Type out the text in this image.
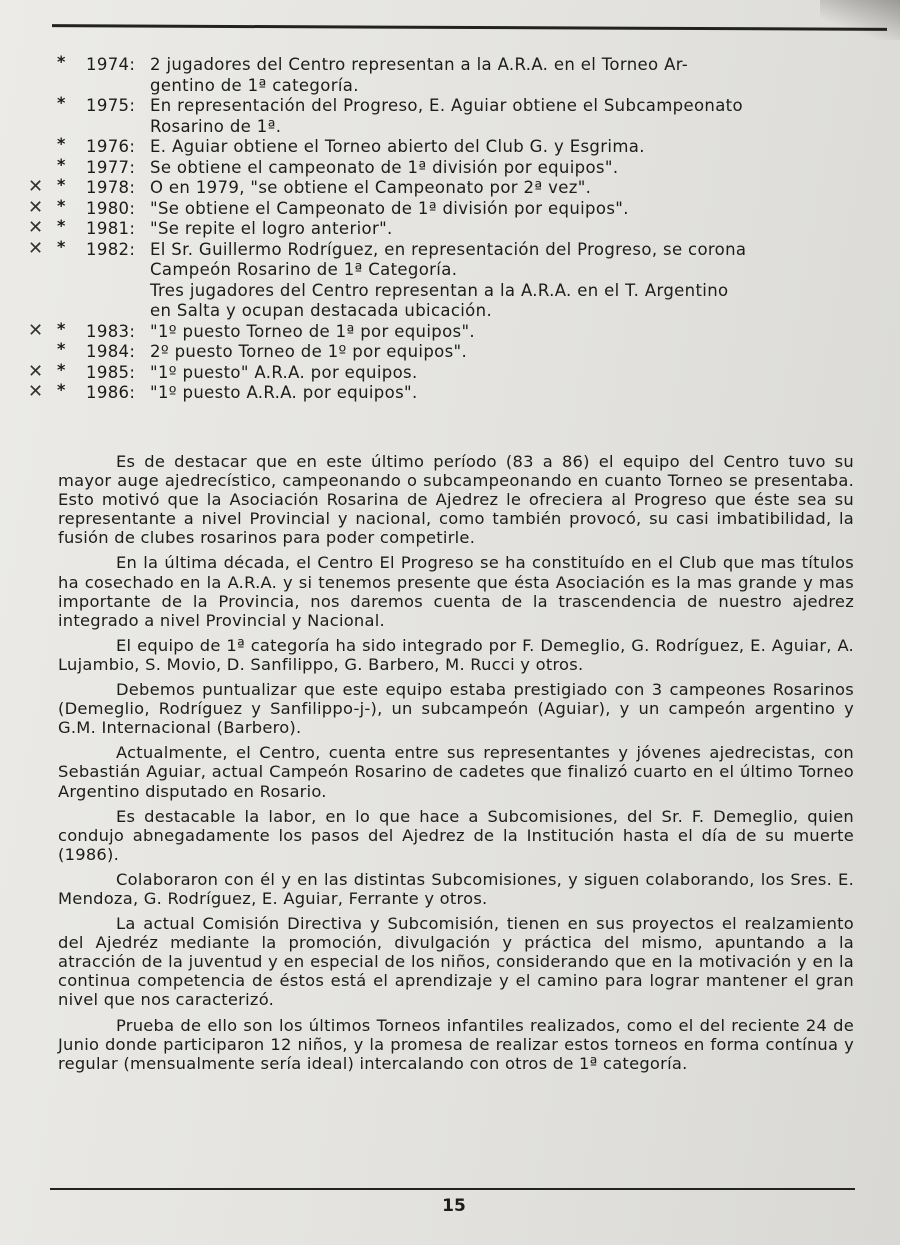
* 1974: 2 jugadores del Centro representan a la A.R.A. en el Torneo Ar-
gentino de 1ª categoría.
* 1975: En representación del Progreso, E. Aguiar obtiene el Subcampeonato
Rosarino de 1ª.
* 1976: E. Aguiar obtiene el Torneo abierto del Club G. y Esgrima.
* 1977: Se obtiene el campeonato de 1ª división por equipos".
✕ * 1978: O en 1979, "se obtiene el Campeonato por 2ª vez".
✕ * 1980: "Se obtiene el Campeonato de 1ª división por equipos".
✕ * 1981: "Se repite el logro anterior".
✕ * 1982: El Sr. Guillermo Rodríguez, en representación del Progreso, se corona
Campeón Rosarino de 1ª Categoría.
Tres jugadores del Centro representan a la A.R.A. en el T. Argentino
en Salta y ocupan destacada ubicación.
✕ * 1983: "1º puesto Torneo de 1ª por equipos".
* 1984: 2º puesto Torneo de 1º por equipos".
✕ * 1985: "1º puesto" A.R.A. por equipos.
✕ * 1986: "1º puesto A.R.A. por equipos".

Es de destacar que en este último período (83 a 86) el equipo del Centro tuvo su mayor auge ajedrecístico, campeonando o subcampeonando en cuanto Torneo se presentaba. Esto motivó que la Asociación Rosarina de Ajedrez le ofreciera al Progreso que éste sea su representante a nivel Provincial y nacional, como también provocó, su casi imbatibilidad, la fusión de clubes rosarinos para poder competirle.

En la última década, el Centro El Progreso se ha constituído en el Club que mas títulos ha cosechado en la A.R.A. y si tenemos presente que ésta Asociación es la mas grande y mas importante de la Provincia, nos daremos cuenta de la trascendencia de nuestro ajedrez integrado a nivel Provincial y Nacional.

El equipo de 1ª categoría ha sido integrado por F. Demeglio, G. Rodríguez, E. Aguiar, A. Lujambio, S. Movio, D. Sanfilippo, G. Barbero, M. Rucci y otros.

Debemos puntualizar que este equipo estaba prestigiado con 3 campeones Rosarinos (Demeglio, Rodríguez y Sanfilippo-j-), un subcampeón (Aguiar), y un campeón argentino y G.M. Internacional (Barbero).

Actualmente, el Centro, cuenta entre sus representantes y jóvenes ajedrecistas, con Sebastián Aguiar, actual Campeón Rosarino de cadetes que finalizó cuarto en el último Torneo Argentino disputado en Rosario.

Es destacable la labor, en lo que hace a Subcomisiones, del Sr. F. Demeglio, quien condujo abnegadamente los pasos del Ajedrez de la Institución hasta el día de su muerte (1986).

Colaboraron con él y en las distintas Subcomisiones, y siguen colaborando, los Sres. E. Mendoza, G. Rodríguez, E. Aguiar, Ferrante y otros.

La actual Comisión Directiva y Subcomisión, tienen en sus proyectos el realzamiento del Ajedréz mediante la promoción, divulgación y práctica del mismo, apuntando a la atracción de la juventud y en especial de los niños, considerando que en la motivación y en la continua competencia de éstos está el aprendizaje y el camino para lograr mantener el gran nivel que nos caracterizó.

Prueba de ello son los últimos Torneos infantiles realizados, como el del reciente 24 de Junio donde participaron 12 niños, y la promesa de realizar estos torneos en forma contínua y regular (mensualmente sería ideal) intercalando con otros de 1ª categoría.

15
